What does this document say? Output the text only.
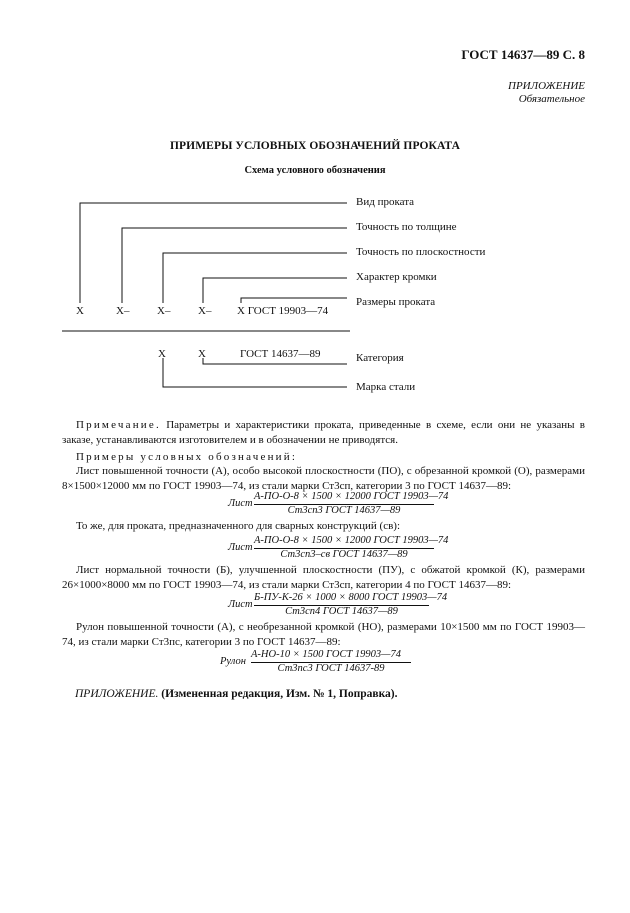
ГОСТ 14637—89 С. 8
ПРИЛОЖЕНИЕ
Обязательное
ПРИМЕРЫ УСЛОВНЫХ ОБОЗНАЧЕНИЙ ПРОКАТА
Схема условного обозначения
Вид проката
Точность по толщине
Точность по плоскостности
Характер кромки
Размеры проката
Категория
Марка стали
X	X–	X–	X– X ГОСТ 19903—74
X	X	ГОСТ 14637—89
Примечание. Параметры и характеристики проката, приведенные в схеме, если они не указаны в заказе, устанавливаются изготовителем и в обозначении не приводятся.
Примеры условных обозначений:
Лист повышенной точности (А), особо высокой плоскостности (ПО), с обрезанной кромкой (О), размерами 8×1500×12000 мм по ГОСТ 19903—74, из стали марки Ст3сп, категории 3 по ГОСТ 14637—89:
Лист
А-ПО-О-8 × 1500 × 12000 ГОСТ 19903—74
Ст3сп3 ГОСТ 14637—89
То же, для проката, предназначенного для сварных конструкций (св):
Лист
А-ПО-О-8 × 1500 × 12000 ГОСТ 19903—74
Ст3сп3–св ГОСТ 14637—89
Лист нормальной точности (Б), улучшенной плоскостности (ПУ), с обжатой кромкой (К), размерами 26×1000×8000 мм по ГОСТ 19903—74, из стали марки Ст3сп, категории 4 по ГОСТ 14637—89:
Лист
Б-ПУ-К-26 × 1000 × 8000 ГОСТ 19903—74
Ст3сп4 ГОСТ 14637—89
Рулон повышенной точности (А), с необрезанной кромкой (НО), размерами 10×1500 мм по ГОСТ 19903—74, из стали марки Ст3пс, категории 3 по ГОСТ 14637—89:
Рулон
А-НО-10 × 1500 ГОСТ 19903—74
Ст3пс3 ГОСТ 14637-89
ПРИЛОЖЕНИЕ. (Измененная редакция, Изм. № 1, Поправка).
